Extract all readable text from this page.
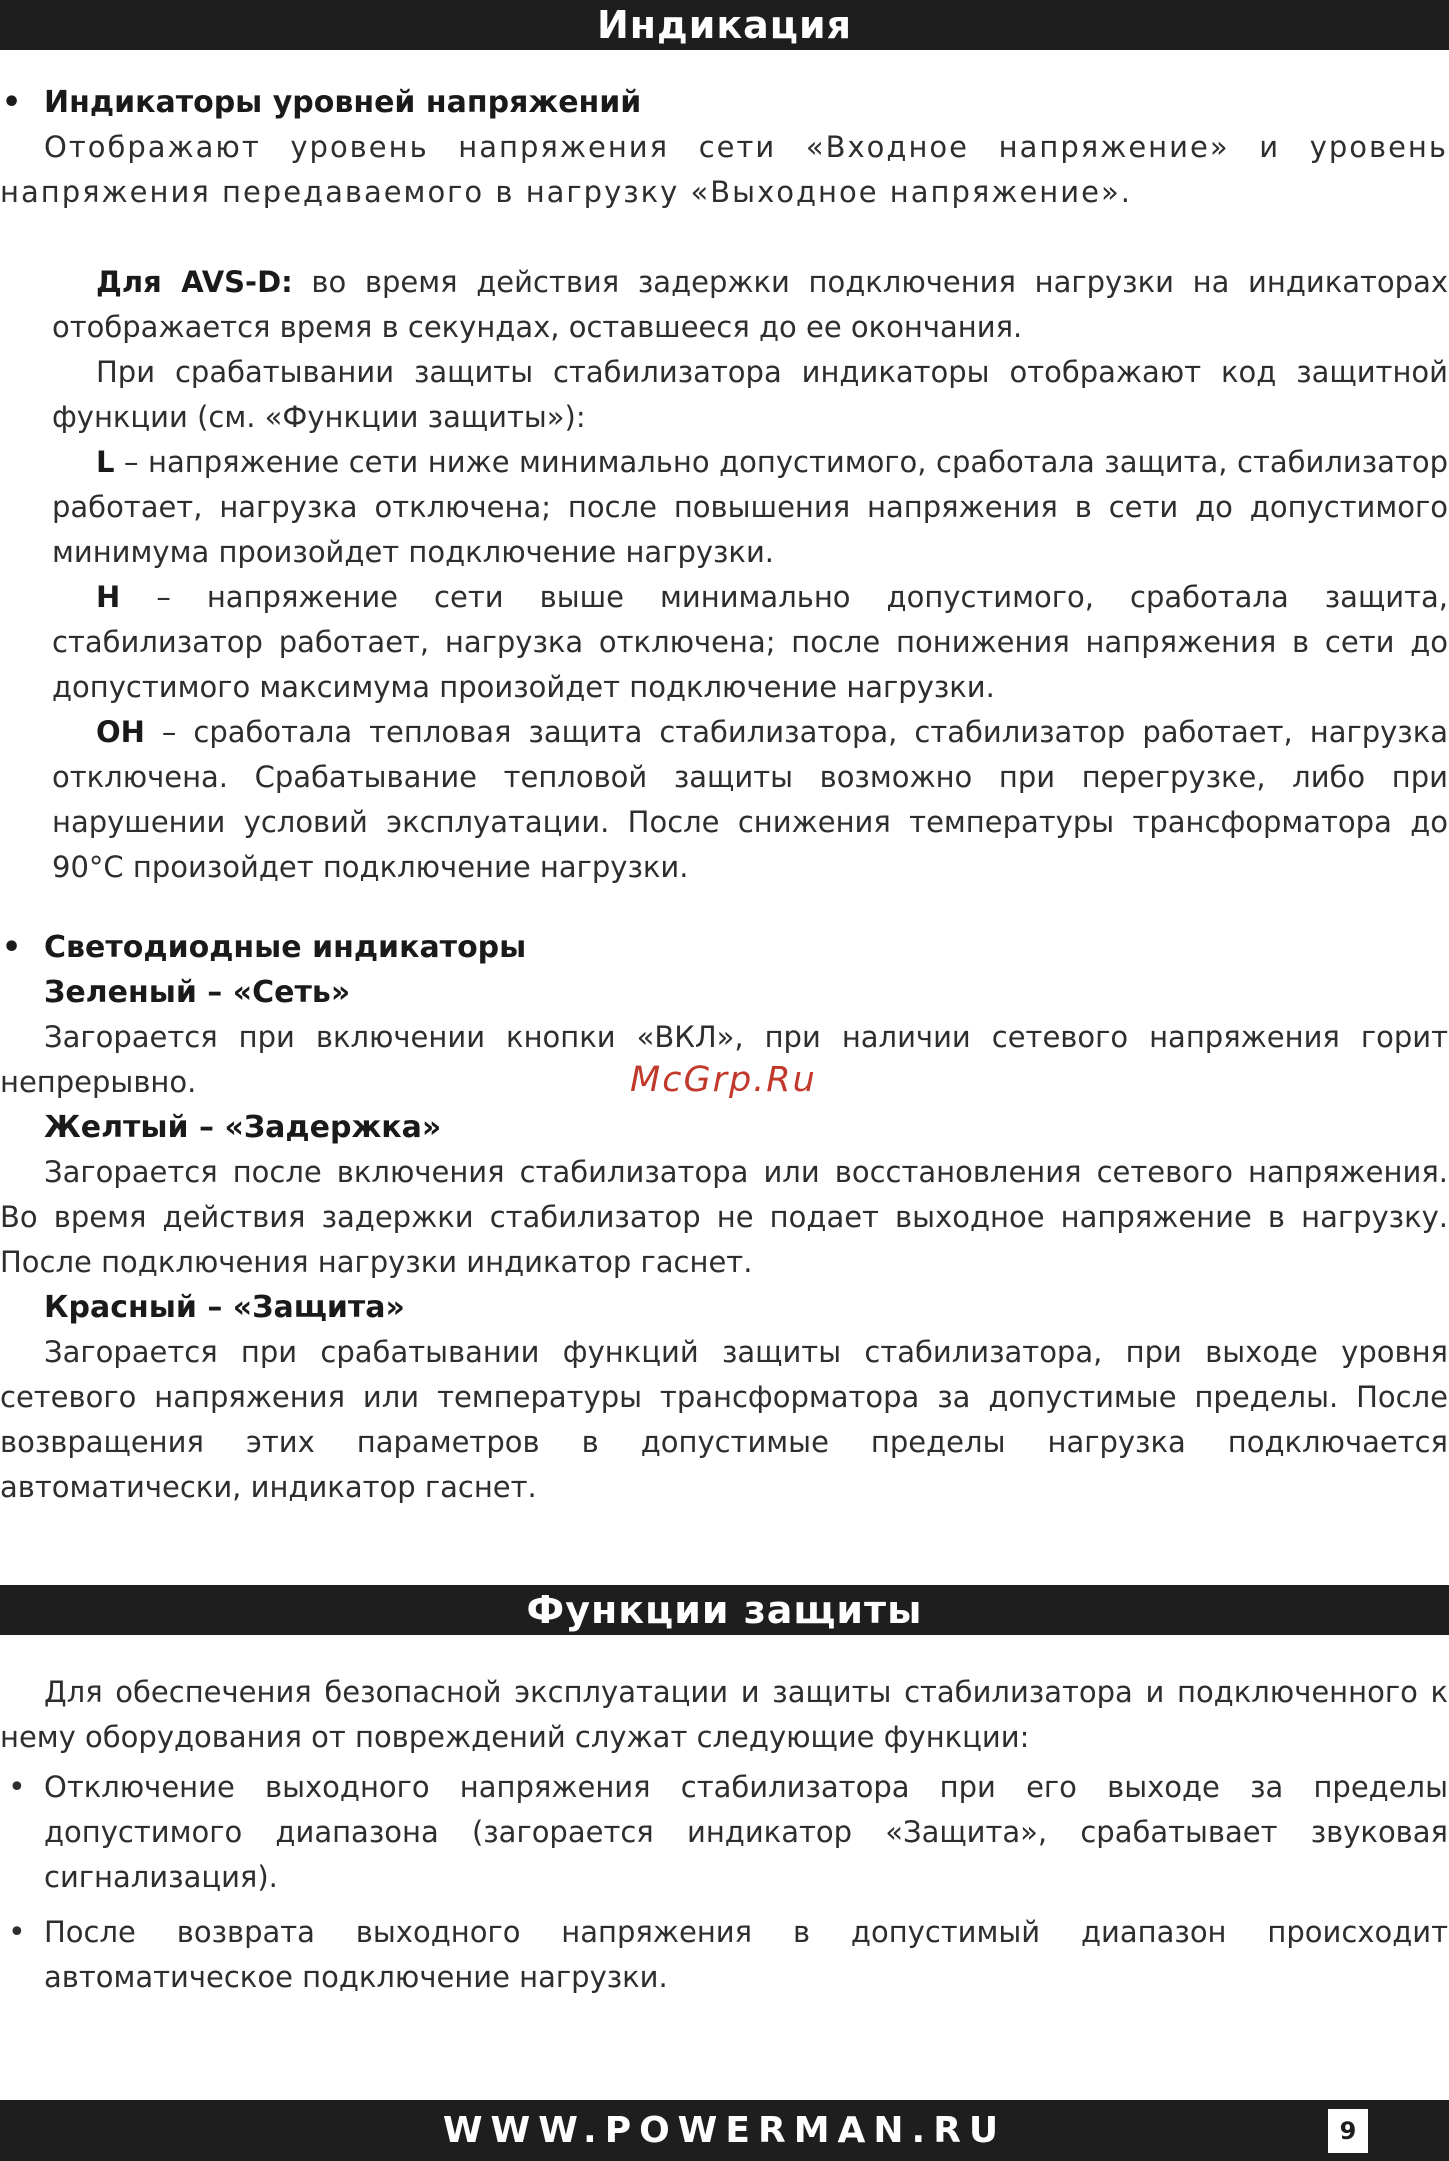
Индикация
• Индикаторы уровней напряжений
Отображают уровень напряжения сети «Входное напряжение» и уровень напряжения передаваемого в нагрузку «Выходное напряжение».
Для AVS-D: во время действия задержки подключения нагрузки на индикаторах отображается время в секундах, оставшееся до ее окончания.
При срабатывании защиты стабилизатора индикаторы отображают код защитной функции (см. «Функции защиты»):
L – напряжение сети ниже минимально допустимого, сработала защита, стабилизатор работает, нагрузка отключена; после повышения напряжения в сети до допустимого минимума произойдет подключение нагрузки.
H – напряжение сети выше минимально допустимого, сработала защита, стабилизатор работает, нагрузка отключена; после понижения напряжения в сети до допустимого максимума произойдет подключение нагрузки.
OH – сработала тепловая защита стабилизатора, стабилизатор работает, нагрузка отключена. Срабатывание тепловой защиты возможно при перегрузке, либо при нарушении условий эксплуатации. После снижения температуры трансформатора до 90°C произойдет подключение нагрузки.
• Светодиодные индикаторы
Зеленый – «Сеть»
Загорается при включении кнопки «ВКЛ», при наличии сетевого напряжения горит непрерывно.
Желтый – «Задержка»
Загорается после включения стабилизатора или восстановления сетевого напряжения. Во время действия задержки стабилизатор не подает выходное напряжение в нагрузку. После подключения нагрузки индикатор гаснет.
Красный – «Защита»
Загорается при срабатывании функций защиты стабилизатора, при выходе уровня сетевого напряжения или температуры трансформатора за допустимые пределы. После возвращения этих параметров в допустимые пределы нагрузка подключается автоматически, индикатор гаснет.
McGrp.Ru
Функции защиты
Для обеспечения безопасной эксплуатации и защиты стабилизатора и подключенного к нему оборудования от повреждений служат следующие функции:
• Отключение выходного напряжения стабилизатора при его выходе за пределы допустимого диапазона (загорается индикатор «Защита», срабатывает звуковая сигнализация).
• После возврата выходного напряжения в допустимый диапазон происходит автоматическое подключение нагрузки.
WWW.POWERMAN.RU	9
